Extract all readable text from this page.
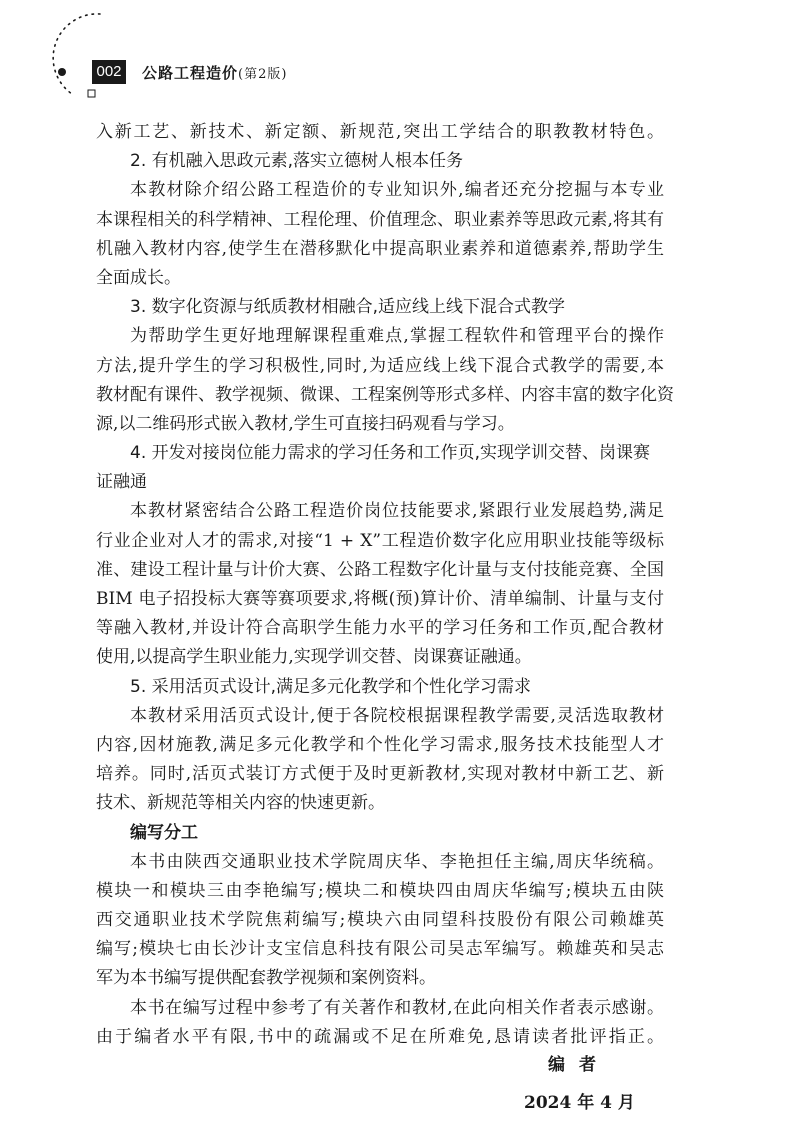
002 公路工程造价(第2版)
入新工艺、新技术、新定额、新规范,突出工学结合的职教教材特色。
2. 有机融入思政元素,落实立德树人根本任务
本教材除介绍公路工程造价的专业知识外,编者还充分挖掘与本专业
本课程相关的科学精神、工程伦理、价值理念、职业素养等思政元素,将其有
机融入教材内容,使学生在潜移默化中提高职业素养和道德素养,帮助学生
全面成长。
3. 数字化资源与纸质教材相融合,适应线上线下混合式教学
为帮助学生更好地理解课程重难点,掌握工程软件和管理平台的操作
方法,提升学生的学习积极性,同时,为适应线上线下混合式教学的需要,本
教材配有课件、教学视频、微课、工程案例等形式多样、内容丰富的数字化资
源,以二维码形式嵌入教材,学生可直接扫码观看与学习。
4. 开发对接岗位能力需求的学习任务和工作页,实现学训交替、岗课赛
证融通
本教材紧密结合公路工程造价岗位技能要求,紧跟行业发展趋势,满足
行业企业对人才的需求,对接“1 + X”工程造价数字化应用职业技能等级标
准、建设工程计量与计价大赛、公路工程数字化计量与支付技能竞赛、全国
BIM 电子招投标大赛等赛项要求,将概(预)算计价、清单编制、计量与支付
等融入教材,并设计符合高职学生能力水平的学习任务和工作页,配合教材
使用,以提高学生职业能力,实现学训交替、岗课赛证融通。
5. 采用活页式设计,满足多元化教学和个性化学习需求
本教材采用活页式设计,便于各院校根据课程教学需要,灵活选取教材
内容,因材施教,满足多元化教学和个性化学习需求,服务技术技能型人才
培养。同时,活页式装订方式便于及时更新教材,实现对教材中新工艺、新
技术、新规范等相关内容的快速更新。
编写分工
本书由陕西交通职业技术学院周庆华、李艳担任主编,周庆华统稿。
模块一和模块三由李艳编写;模块二和模块四由周庆华编写;模块五由陕
西交通职业技术学院焦莉编写;模块六由同望科技股份有限公司赖雄英
编写;模块七由长沙计支宝信息科技有限公司吴志军编写。赖雄英和吴志
军为本书编写提供配套教学视频和案例资料。
本书在编写过程中参考了有关著作和教材,在此向相关作者表示感谢。
由于编者水平有限,书中的疏漏或不足在所难免,恳请读者批评指正。
编者
2024 年 4 月
